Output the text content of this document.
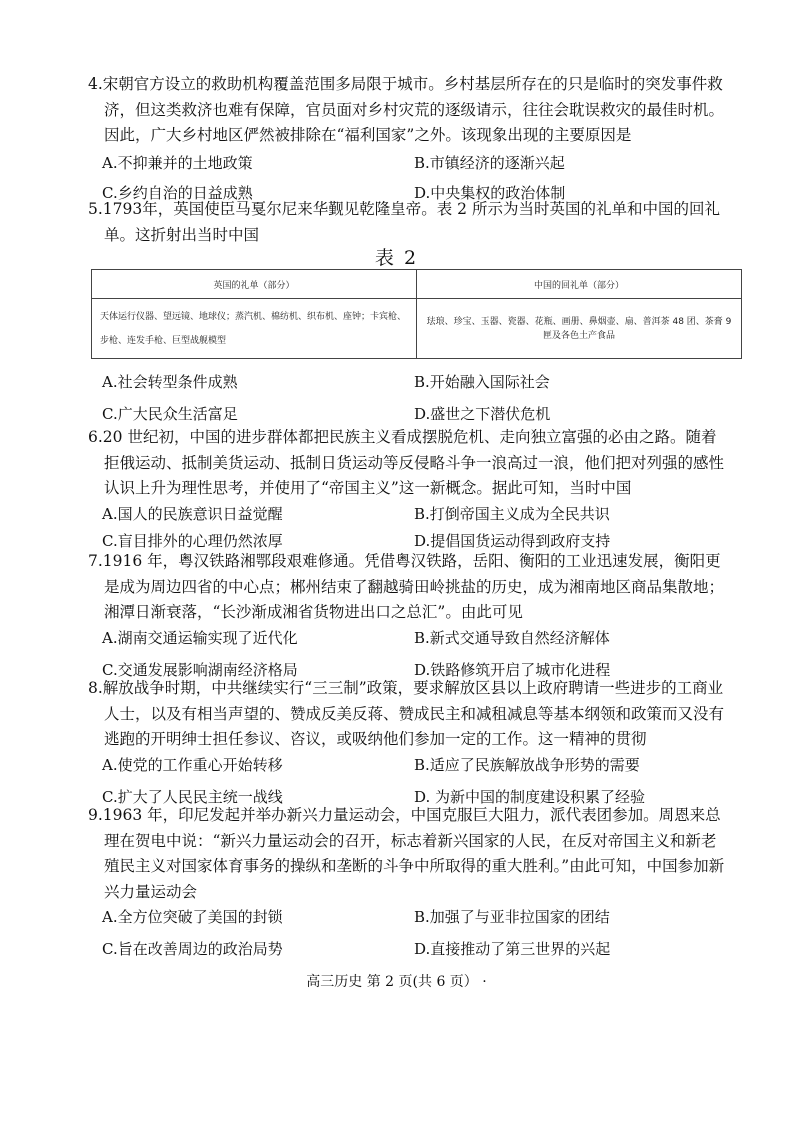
4.宋朝官方设立的救助机构覆盖范围多局限于城市。乡村基层所存在的只是临时的突发事件救济，但这类救济也难有保障，官员面对乡村灾荒的逐级请示，往往会耽误救灾的最佳时机。因此，广大乡村地区俨然被排除在“福利国家”之外。该现象出现的主要原因是

A.不抑兼并的土地政策	B.市镇经济的逐渐兴起
C.乡约自治的日益成熟	D.中央集权的政治体制

5.1793年，英国使臣马戛尔尼来华觐见乾隆皇帝。表 2 所示为当时英国的礼单和中国的回礼单。这折射出当时中国

表 2
英国的礼单（部分）	中国的回礼单（部分）
天体运行仪器、望远镜、地球仪；蒸汽机、棉纺机、织布机、座钟；卡宾枪、步枪、连发手枪、巨型战舰模型	珐琅、珍宝、玉器、瓷器、花瓶、画册、鼻烟壶、扇、普洱茶 48 团、茶膏 9 匣及各色土产食品
A.社会转型条件成熟	B.开始融入国际社会
C.广大民众生活富足	D.盛世之下潜伏危机

6.20 世纪初，中国的进步群体都把民族主义看成摆脱危机、走向独立富强的必由之路。随着拒俄运动、抵制美货运动、抵制日货运动等反侵略斗争一浪高过一浪，他们把对列强的感性认识上升为理性思考，并使用了“帝国主义”这一新概念。据此可知，当时中国

A.国人的民族意识日益觉醒	B.打倒帝国主义成为全民共识
C.盲目排外的心理仍然浓厚	D.提倡国货运动得到政府支持

7.1916 年，粤汉铁路湘鄂段艰难修通。凭借粤汉铁路，岳阳、衡阳的工业迅速发展，衡阳更是成为周边四省的中心点；郴州结束了翻越骑田岭挑盐的历史，成为湘南地区商品集散地；湘潭日渐衰落，“长沙渐成湘省货物进出口之总汇”。由此可见

A.湖南交通运输实现了近代化	B.新式交通导致自然经济解体
C.交通发展影响湖南经济格局	D.铁路修筑开启了城市化进程

8.解放战争时期，中共继续实行“三三制”政策，要求解放区县以上政府聘请一些进步的工商业人士，以及有相当声望的、赞成反美反蒋、赞成民主和减租减息等基本纲领和政策而又没有逃跑的开明绅士担任参议、咨议，或吸纳他们参加一定的工作。这一精神的贯彻

A.使党的工作重心开始转移	B.适应了民族解放战争形势的需要
C.扩大了人民民主统一战线	D. 为新中国的制度建设积累了经验

9.1963 年，印尼发起并举办新兴力量运动会，中国克服巨大阻力，派代表团参加。周恩来总理在贺电中说：“新兴力量运动会的召开，标志着新兴国家的人民，在反对帝国主义和新老殖民主义对国家体育事务的操纵和垄断的斗争中所取得的重大胜利。”由此可知，中国参加新兴力量运动会

A.全方位突破了美国的封锁	B.加强了与亚非拉国家的团结
C.旨在改善周边的政治局势	D.直接推动了第三世界的兴起
高三历史 第 2 页(共 6 页） ·
